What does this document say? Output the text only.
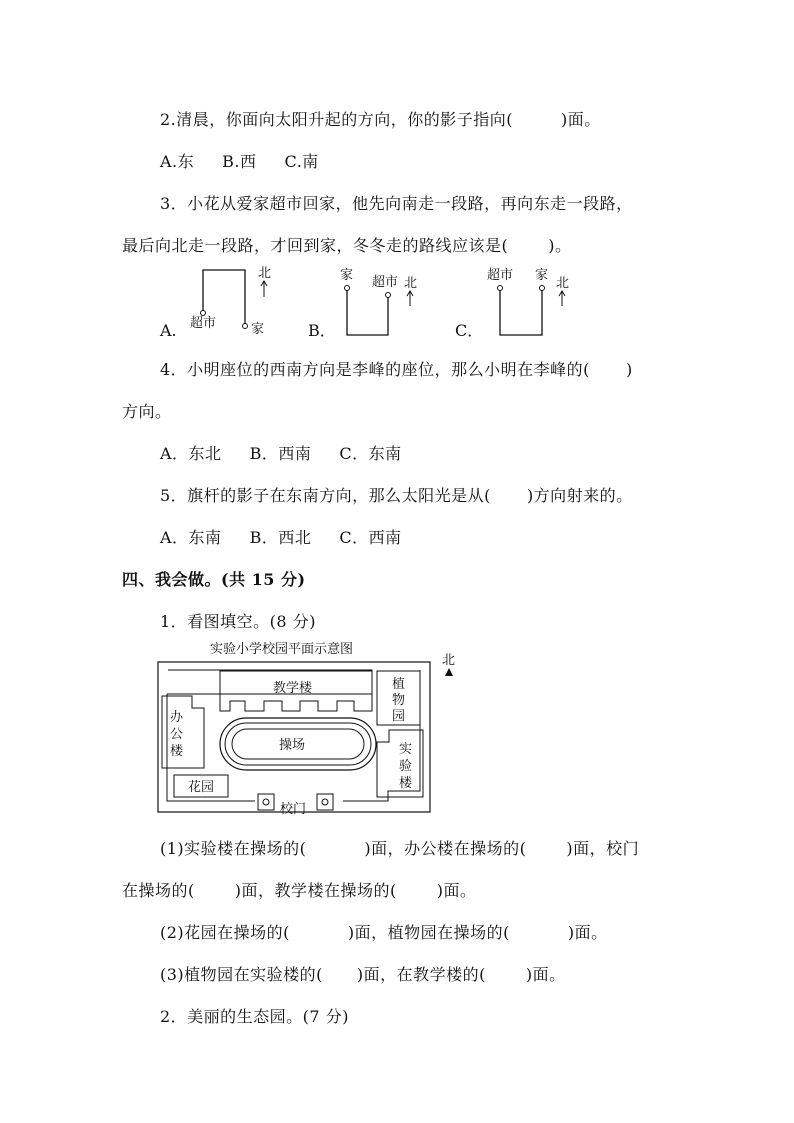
2.清晨，你面向太阳升起的方向，你的影子指向(	)面。
A.东 B.西 C.南
3．小花从爱家超市回家，他先向南走一段路，再向东走一段路，
最后向北走一段路，才回到家，冬冬走的路线应该是(	)。
A. 超市	家
北
B．
家 超市 北
C．
超市 家
北
4．小明座位的西南方向是李峰的座位，那么小明在李峰的( )
方向。
A．东北 B．西南 C．东南
5．旗杆的影子在东南方向，那么太阳光是从( )方向射来的。
A．东南 B．西北 C．西南
四、我会做。(共 15 分)
1．看图填空。(8 分)
实验小学校园平面示意图
北
教学楼	植
物
园
办
公
楼	操场	实
验
楼
花园
校门
(1)实验楼在操场的(	)面，办公楼在操场的(	)面，校门
在操场的(	)面，教学楼在操场的(	)面。
(2)花园在操场的(	)面，植物园在操场的(	)面。
(3)植物园在实验楼的( )面，在教学楼的(	)面。
2．美丽的生态园。(7 分)
